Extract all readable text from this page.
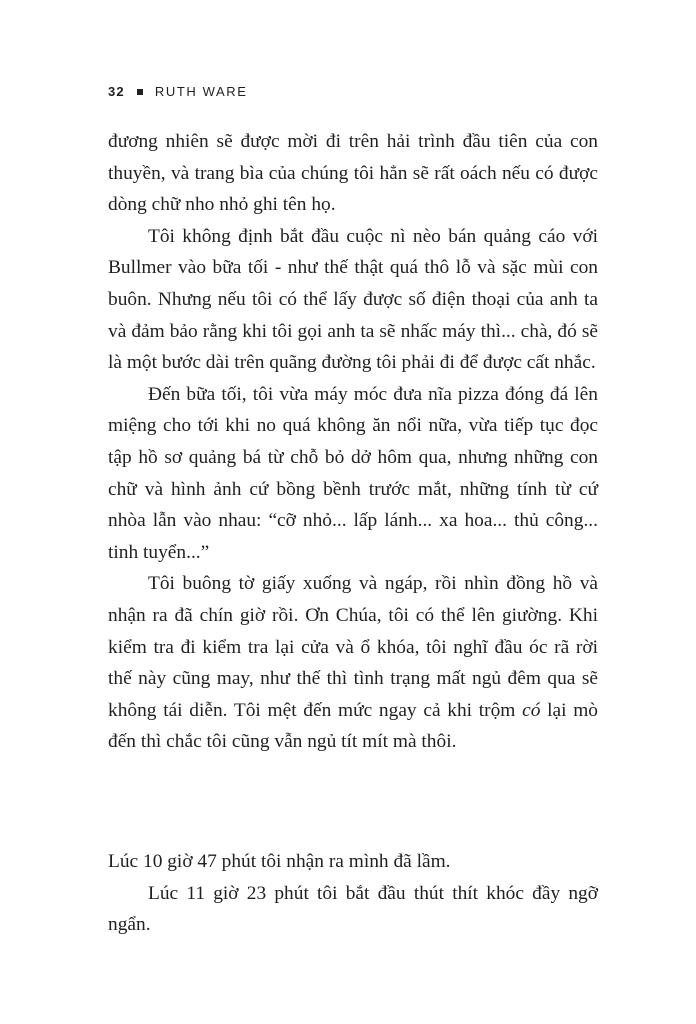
32 RUTH WARE

đương nhiên sẽ được mời đi trên hải trình đầu tiên của con thuyền, và trang bìa của chúng tôi hẳn sẽ rất oách nếu có được dòng chữ nho nhỏ ghi tên họ.

Tôi không định bắt đầu cuộc nì nèo bán quảng cáo với Bullmer vào bữa tối - như thế thật quá thô lỗ và sặc mùi con buôn. Nhưng nếu tôi có thể lấy được số điện thoại của anh ta và đảm bảo rằng khi tôi gọi anh ta sẽ nhấc máy thì... chà, đó sẽ là một bước dài trên quãng đường tôi phải đi để được cất nhắc.

Đến bữa tối, tôi vừa máy móc đưa nĩa pizza đóng đá lên miệng cho tới khi no quá không ăn nổi nữa, vừa tiếp tục đọc tập hồ sơ quảng bá từ chỗ bỏ dở hôm qua, nhưng những con chữ và hình ảnh cứ bồng bềnh trước mắt, những tính từ cứ nhòa lẫn vào nhau: “cỡ nhỏ... lấp lánh... xa hoa... thủ công... tinh tuyển...”

Tôi buông tờ giấy xuống và ngáp, rồi nhìn đồng hồ và nhận ra đã chín giờ rồi. Ơn Chúa, tôi có thể lên giường. Khi kiểm tra đi kiểm tra lại cửa và ổ khóa, tôi nghĩ đầu óc rã rời thế này cũng may, như thế thì tình trạng mất ngủ đêm qua sẽ không tái diễn. Tôi mệt đến mức ngay cả khi trộm có lại mò đến thì chắc tôi cũng vẫn ngủ tít mít mà thôi.

Lúc 10 giờ 47 phút tôi nhận ra mình đã lầm.

Lúc 11 giờ 23 phút tôi bắt đầu thút thít khóc đầy ngỡ ngẩn.
